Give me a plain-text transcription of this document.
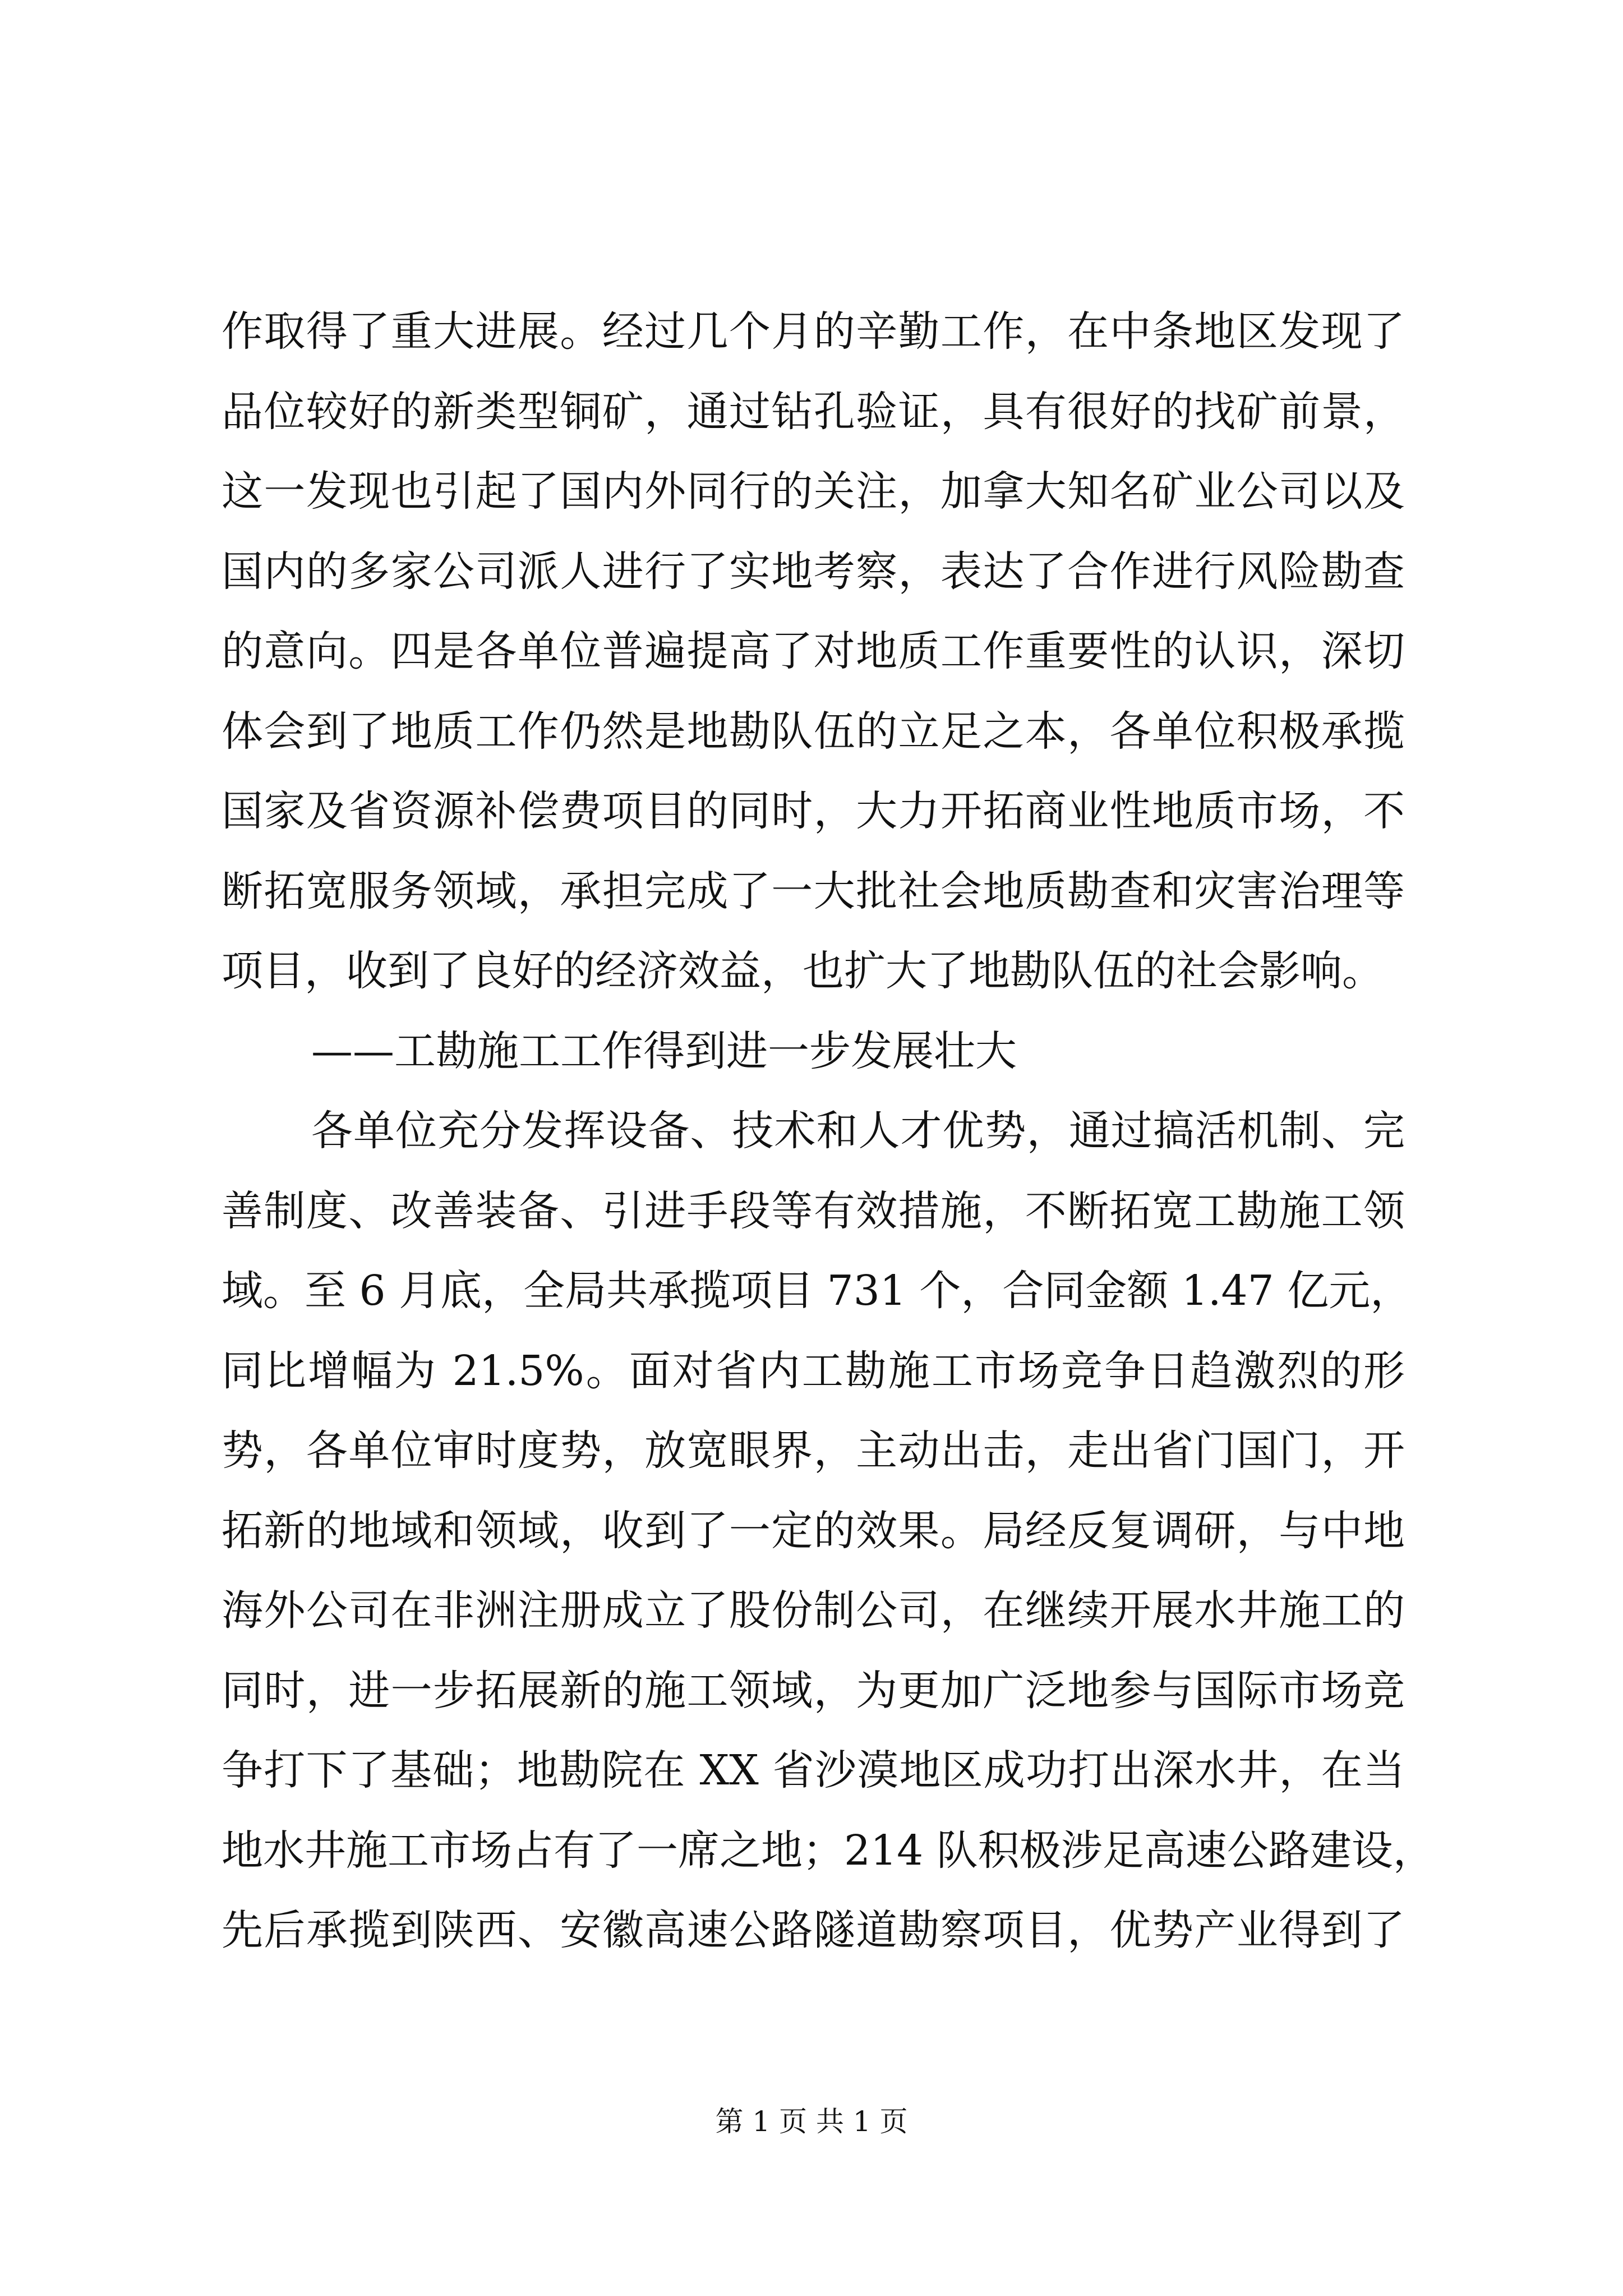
作取得了重大进展。经过几个月的辛勤工作，在中条地区发现了
品位较好的新类型铜矿，通过钻孔验证，具有很好的找矿前景，
这一发现也引起了国内外同行的关注，加拿大知名矿业公司以及
国内的多家公司派人进行了实地考察，表达了合作进行风险勘查
的意向。四是各单位普遍提高了对地质工作重要性的认识，深切
体会到了地质工作仍然是地勘队伍的立足之本，各单位积极承揽
国家及省资源补偿费项目的同时，大力开拓商业性地质市场，不
断拓宽服务领域，承担完成了一大批社会地质勘查和灾害治理等
项目，收到了良好的经济效益，也扩大了地勘队伍的社会影响。
——工勘施工工作得到进一步发展壮大
各单位充分发挥设备、技术和人才优势，通过搞活机制、完
善制度、改善装备、引进手段等有效措施，不断拓宽工勘施工领
域。至 6 月底，全局共承揽项目 731 个，合同金额 1.47 亿元，
同比增幅为 21.5%。面对省内工勘施工市场竞争日趋激烈的形
势，各单位审时度势，放宽眼界，主动出击，走出省门国门，开
拓新的地域和领域，收到了一定的效果。局经反复调研，与中地
海外公司在非洲注册成立了股份制公司，在继续开展水井施工的
同时，进一步拓展新的施工领域，为更加广泛地参与国际市场竞
争打下了基础；地勘院在 XX 省沙漠地区成功打出深水井，在当
地水井施工市场占有了一席之地；214 队积极涉足高速公路建设，
先后承揽到陕西、安徽高速公路隧道勘察项目，优势产业得到了
第 1 页 共 1 页
